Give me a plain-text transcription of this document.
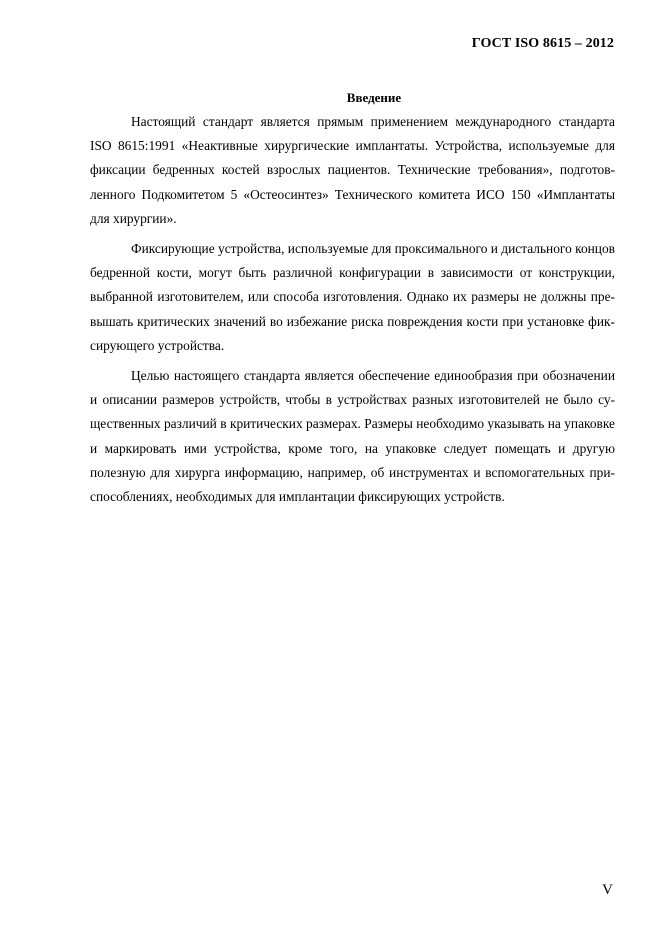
ГОСТ ISO 8615 – 2012
Введение

Настоящий стандарт является прямым применением международного стандарта ISO 8615:1991 «Неактивные хирургические имплантаты. Устройства, используемые для фиксации бедренных костей взрослых пациентов. Технические требования», подготовленного Подкомитетом 5 «Остеосинтез» Технического комитета ИСО 150 «Имплантаты для хирургии».

Фиксирующие устройства, используемые для проксимального и дистального концов бедренной кости, могут быть различной конфигурации в зависимости от конструкции, выбранной изготовителем, или способа изготовления. Однако их размеры не должны превышать критических значений во избежание риска повреждения кости при установке фиксирующего устройства.

Целью настоящего стандарта является обеспечение единообразия при обозначении и описании размеров устройств, чтобы в устройствах разных изготовителей не было существенных различий в критических размерах. Размеры необходимо указывать на упаковке и маркировать ими устройства, кроме того, на упаковке следует помещать и другую полезную для хирурга информацию, например, об инструментах и вспомогательных приспособлениях, необходимых для имплантации фиксирующих устройств.

V
